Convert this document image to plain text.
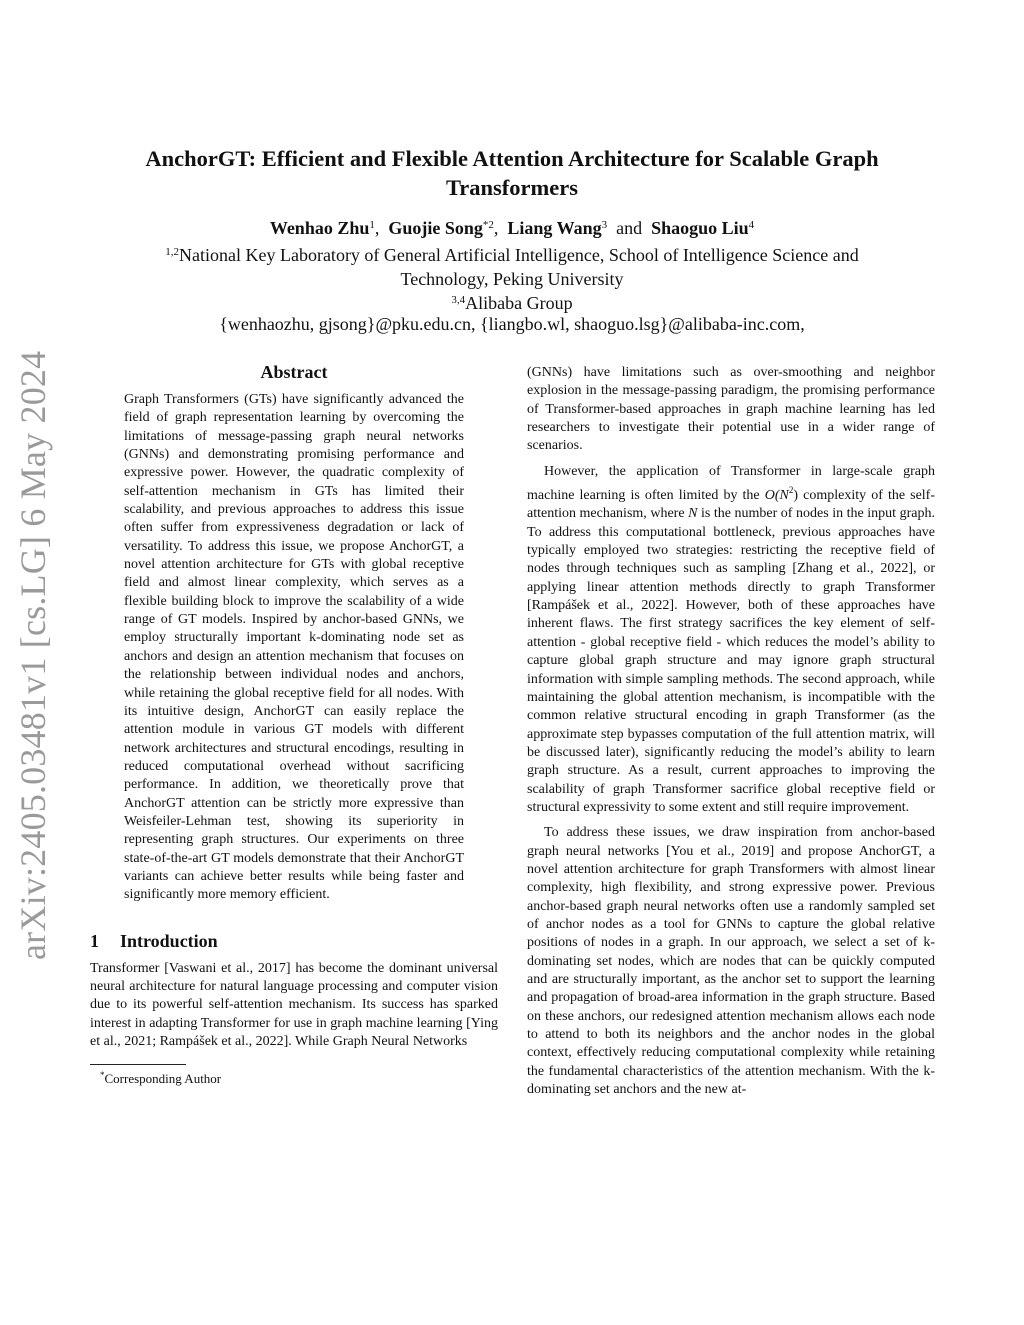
arXiv:2405.03481v1 [cs.LG] 6 May 2024
AnchorGT: Efficient and Flexible Attention Architecture for Scalable Graph
Transformers
Wenhao Zhu$^1$, Guojie Song$^{*2}$, Liang Wang$^3$ and Shaoguo Liu$^4$
$^{1,2}$National Key Laboratory of General Artificial Intelligence, School of Intelligence Science and
Technology, Peking University
$^{3,4}$Alibaba Group
{wenhaozhu, gjsong}@pku.edu.cn, {liangbo.wl, shaoguo.lsg}@alibaba-inc.com,
Abstract

Graph Transformers (GTs) have significantly advanced the field of graph representation learning by overcoming the limitations of message-passing graph neural networks (GNNs) and demonstrating promising performance and expressive power. However, the quadratic complexity of self-attention mechanism in GTs has limited their scalability, and previous approaches to address this issue often suffer from expressiveness degradation or lack of versatility. To address this issue, we propose AnchorGT, a novel attention architecture for GTs with global receptive field and almost linear complexity, which serves as a flexible building block to improve the scalability of a wide range of GT models. Inspired by anchor-based GNNs, we employ structurally important k-dominating node set as anchors and design an attention mechanism that focuses on the relationship between individual nodes and anchors, while retaining the global receptive field for all nodes. With its intuitive design, AnchorGT can easily replace the attention module in various GT models with different network architectures and structural encodings, resulting in reduced computational overhead without sacrificing performance. In addition, we theoretically prove that AnchorGT attention can be strictly more expressive than Weisfeiler-Lehman test, showing its superiority in representing graph structures. Our experiments on three state-of-the-art GT models demonstrate that their AnchorGT variants can achieve better results while being faster and significantly more memory efficient.

1 Introduction

Transformer [Vaswani et al., 2017] has become the dominant universal neural architecture for natural language processing and computer vision due to its powerful self-attention mechanism. Its success has sparked interest in adapting Transformer for use in graph machine learning [Ying et al., 2021; Rampášek et al., 2022]. While Graph Neural Networks

*Corresponding Author

(GNNs) have limitations such as over-smoothing and neighbor explosion in the message-passing paradigm, the promising performance of Transformer-based approaches in graph machine learning has led researchers to investigate their potential use in a wider range of scenarios.

However, the application of Transformer in large-scale graph machine learning is often limited by the $O(N^2)$ complexity of the self-attention mechanism, where N is the number of nodes in the input graph. To address this computational bottleneck, previous approaches have typically employed two strategies: restricting the receptive field of nodes through techniques such as sampling [Zhang et al., 2022], or applying linear attention methods directly to graph Transformer [Rampášek et al., 2022]. However, both of these approaches have inherent flaws. The first strategy sacrifices the key element of self-attention - global receptive field - which reduces the model’s ability to capture global graph structure and may ignore graph structural information with simple sampling methods. The second approach, while maintaining the global attention mechanism, is incompatible with the common relative structural encoding in graph Transformer (as the approximate step bypasses computation of the full attention matrix, will be discussed later), significantly reducing the model’s ability to learn graph structure. As a result, current approaches to improving the scalability of graph Transformer sacrifice global receptive field or structural expressivity to some extent and still require improvement.

To address these issues, we draw inspiration from anchor-based graph neural networks [You et al., 2019] and propose AnchorGT, a novel attention architecture for graph Transformers with almost linear complexity, high flexibility, and strong expressive power. Previous anchor-based graph neural networks often use a randomly sampled set of anchor nodes as a tool for GNNs to capture the global relative positions of nodes in a graph. In our approach, we select a set of k-dominating set nodes, which are nodes that can be quickly computed and are structurally important, as the anchor set to support the learning and propagation of broad-area information in the graph structure. Based on these anchors, our redesigned attention mechanism allows each node to attend to both its neighbors and the anchor nodes in the global context, effectively reducing computational complexity while retaining the fundamental characteristics of the attention mechanism. With the k-dominating set anchors and the new at-
